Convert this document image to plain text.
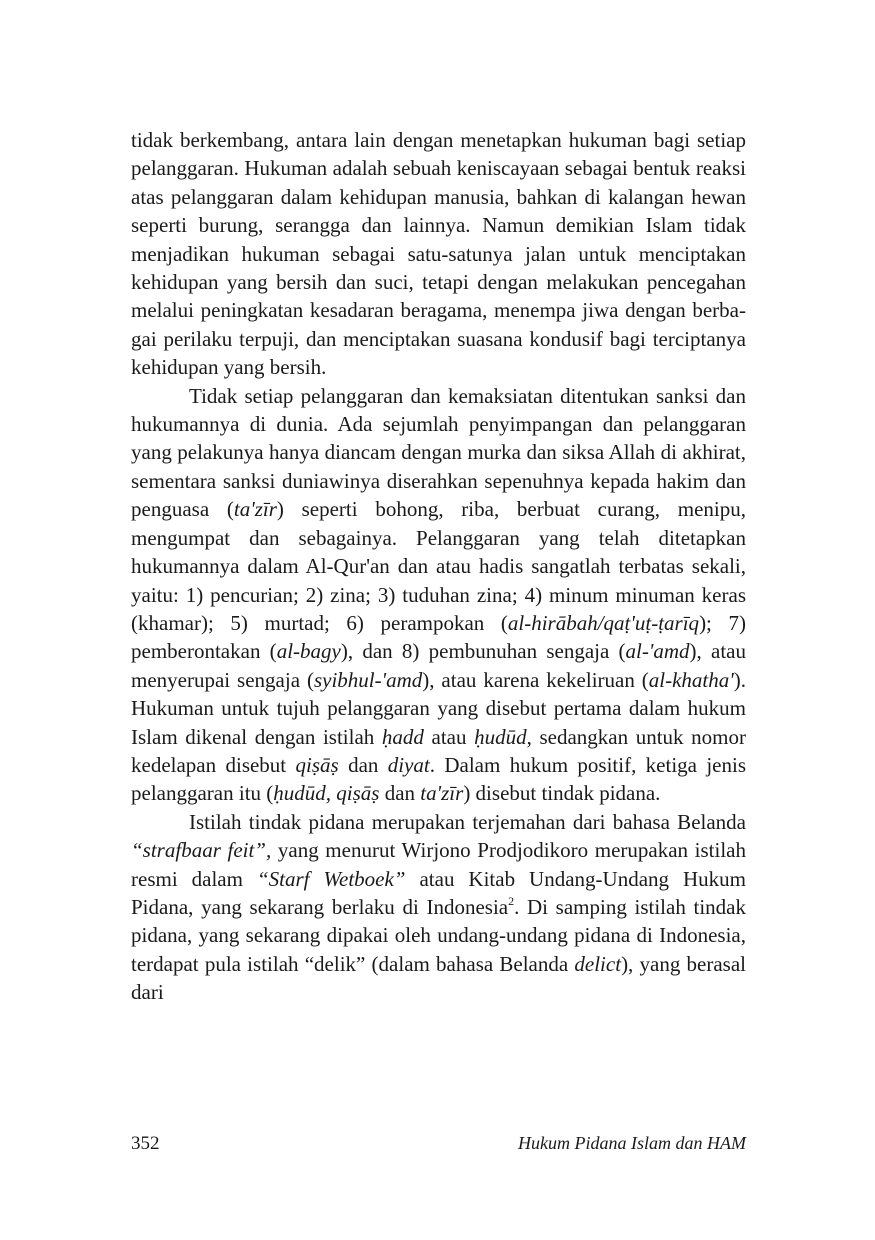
tidak berkembang, antara lain dengan menetapkan hukuman bagi setiap pelanggaran. Hukuman adalah sebuah keniscayaan sebagai bentuk reaksi atas pelanggaran dalam kehidupan manusia, bahkan di kalangan hewan seperti burung, serangga dan lainnya. Namun demikian Islam tidak menjadikan hukuman sebagai satu-satunya jalan untuk menciptakan kehidupan yang bersih dan suci, tetapi dengan melakukan pencegahan melalui peningkatan kesadaran beragama, menempa jiwa dengan berbagai perilaku terpuji, dan menciptakan suasana kondusif bagi terciptanya kehidupan yang bersih.

Tidak setiap pelanggaran dan kemaksiatan ditentukan sanksi dan hukumannya di dunia. Ada sejumlah penyimpangan dan pelanggaran yang pelakunya hanya diancam dengan murka dan siksa Allah di akhirat, sementara sanksi duniawinya diserahkan sepenuhnya kepada hakim dan penguasa (ta'zīr) seperti bohong, riba, berbuat curang, menipu, mengumpat dan sebagainya. Pelanggaran yang telah ditetapkan hukumannya dalam Al-Qur'an dan atau hadis sangatlah terbatas sekali, yaitu: 1) pencurian; 2) zina; 3) tuduhan zina; 4) minum minuman keras (khamar); 5) murtad; 6) perampokan (al-hirābah/qaṭ'uṭ-ṭarīq); 7) pemberontakan (al-bagy), dan 8) pembunuhan sengaja (al-'amd), atau menyerupai sengaja (syibhul-'amd), atau karena kekeliruan (al-khatha'). Hukuman untuk tujuh pelanggaran yang disebut pertama dalam hukum Islam dikenal dengan istilah ḥadd atau ḥudūd, sedangkan untuk nomor kedelapan disebut qiṣāṣ dan diyat. Dalam hukum positif, ketiga jenis pelanggaran itu (ḥudūd, qiṣāṣ dan ta'zīr) disebut tindak pidana.

Istilah tindak pidana merupakan terjemahan dari bahasa Belanda “strafbaar feit”, yang menurut Wirjono Prodjodikoro merupakan istilah resmi dalam “Starf Wetboek” atau Kitab Undang-Undang Hukum Pidana, yang sekarang berlaku di Indonesia$^2$. Di samping istilah tindak pidana, yang sekarang dipakai oleh undang-undang pidana di Indonesia, terdapat pula istilah “delik” (dalam bahasa Belanda delict), yang berasal dari

352	Hukum Pidana Islam dan HAM
